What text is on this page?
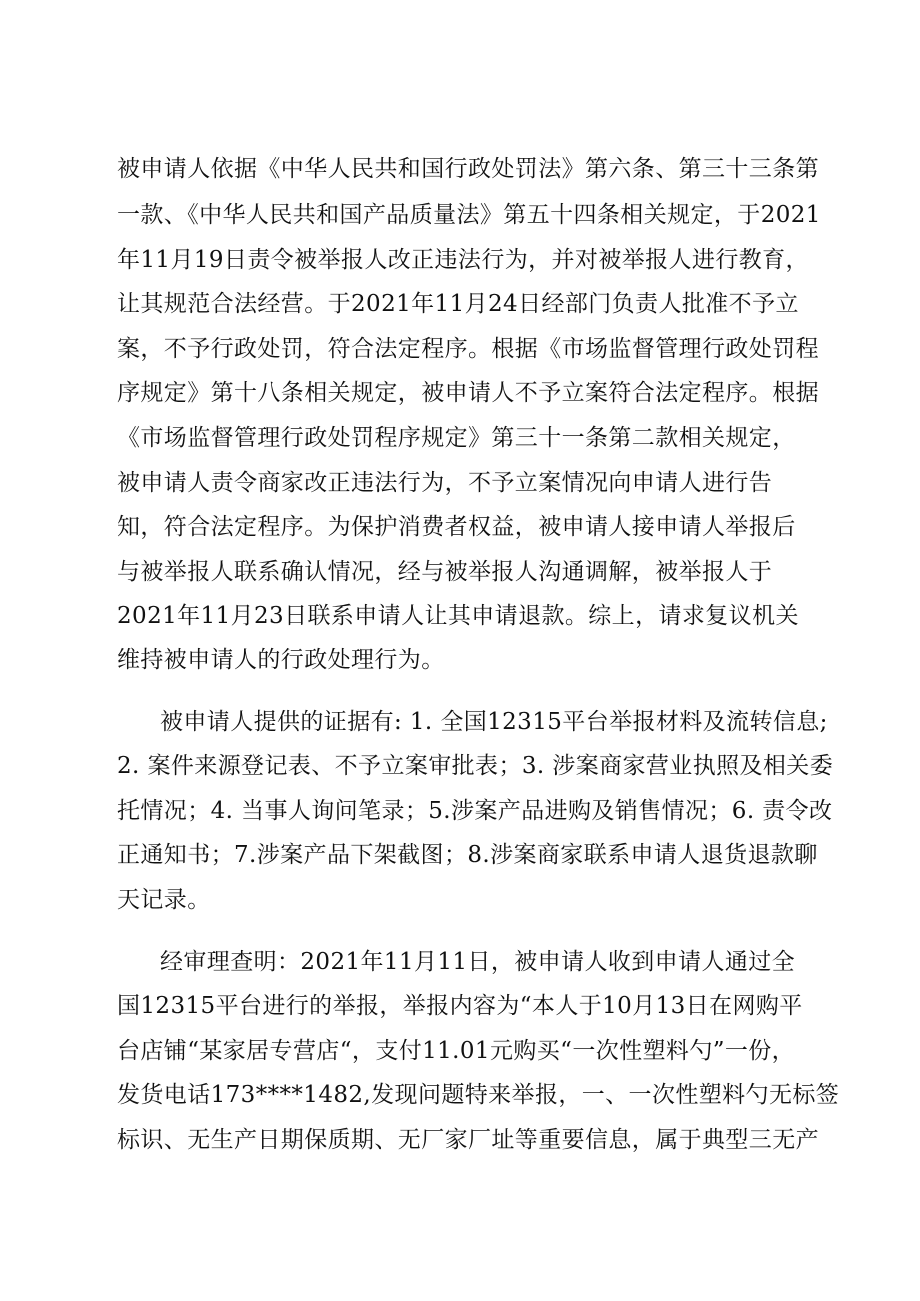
被申请人依据《中华人民共和国行政处罚法》第六条、第三十三条第
一款、《中华人民共和国产品质量法》第五十四条相关规定，于2021
年11月19日责令被举报人改正违法行为，并对被举报人进行教育，
让其规范合法经营。于2021年11月24日经部门负责人批准不予立
案，不予行政处罚，符合法定程序。根据《市场监督管理行政处罚程
序规定》第十八条相关规定，被申请人不予立案符合法定程序。根据
《市场监督管理行政处罚程序规定》第三十一条第二款相关规定，
被申请人责令商家改正违法行为，不予立案情况向申请人进行告
知，符合法定程序。为保护消费者权益，被申请人接申请人举报后
与被举报人联系确认情况，经与被举报人沟通调解，被举报人于
2021年11月23日联系申请人让其申请退款。综上，请求复议机关
维持被申请人的行政处理行为。
被申请人提供的证据有: 1. 全国12315平台举报材料及流转信息;
2. 案件来源登记表、不予立案审批表；3. 涉案商家营业执照及相关委
托情况；4. 当事人询问笔录；5.涉案产品进购及销售情况；6. 责令改
正通知书；7.涉案产品下架截图；8.涉案商家联系申请人退货退款聊
天记录。
经审理查明：2021年11月11日，被申请人收到申请人通过全
国12315平台进行的举报，举报内容为“本人于10月13日在网购平
台店铺“某家居专营店“，支付11.01元购买“一次性塑料勺”一份，
发货电话173****1482,发现问题特来举报，一、一次性塑料勺无标签
标识、无生产日期保质期、无厂家厂址等重要信息，属于典型三无产
